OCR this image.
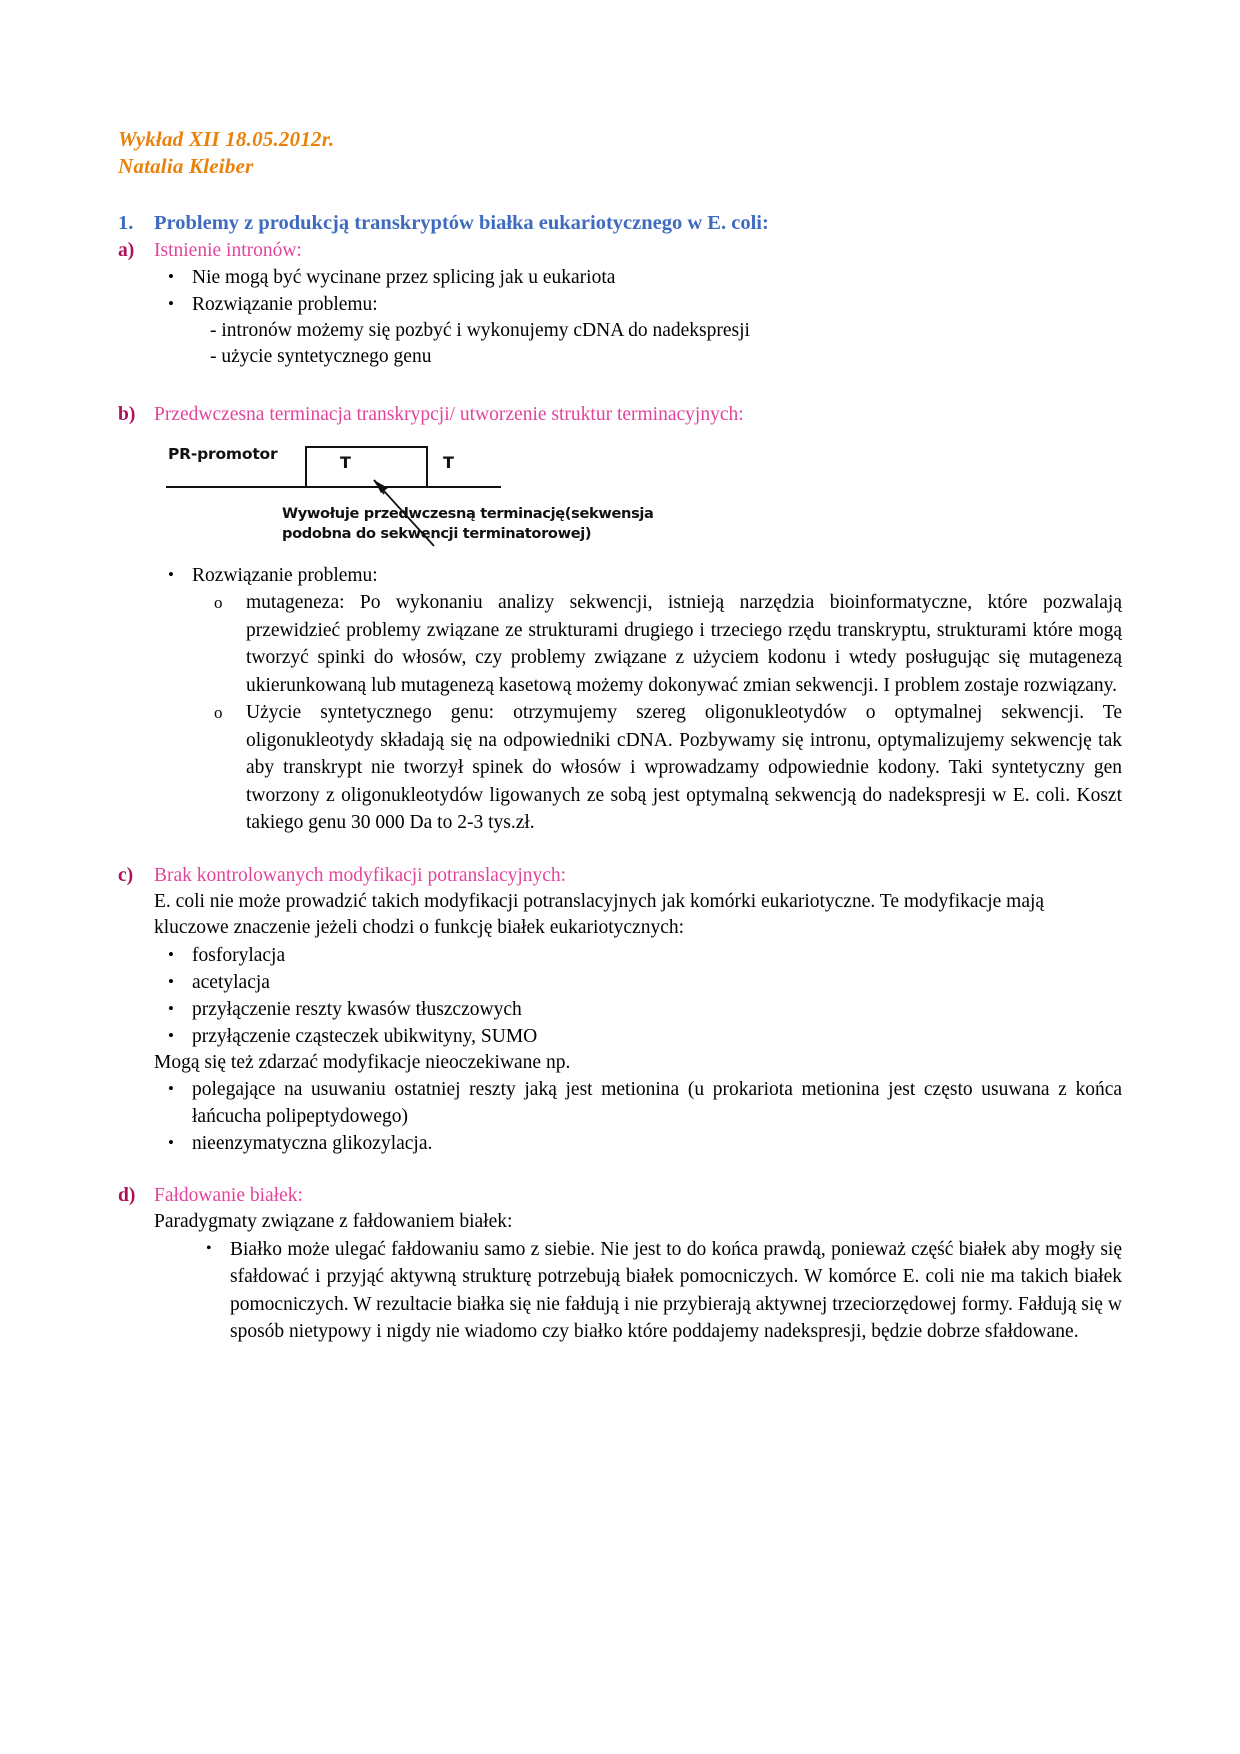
Wykład XII 18.05.2012r.
Natalia Kleiber
1.	Problemy z produkcją transkryptów białka eukariotycznego w E. coli:
a)	Istnienie intronów:
• Nie mogą być wycinane przez splicing jak u eukariota
• Rozwiązanie problemu:
- intronów możemy się pozbyć i wykonujemy cDNA do nadekspresji
- użycie syntetycznego genu
b) Przedwczesna terminacja transkrypcji/ utworzenie struktur terminacyjnych:
PR-promotor	T	T
Wywołuje przedwczesną terminację(sekwensja
podobna do sekwencji terminatorowej)
• Rozwiązanie problemu:
o mutageneza: Po wykonaniu analizy sekwencji, istnieją narzędzia bioinformatyczne, które pozwalają przewidzieć problemy związane ze strukturami drugiego i trzeciego rzędu transkryptu, strukturami które mogą tworzyć spinki do włosów, czy problemy związane z użyciem kodonu i wtedy posługując się mutagenezą ukierunkowaną lub mutagenezą kasetową możemy dokonywać zmian sekwencji. I problem zostaje rozwiązany.
o Użycie syntetycznego genu: otrzymujemy szereg oligonukleotydów o optymalnej sekwencji. Te oligonukleotydy składają się na odpowiedniki cDNA. Pozbywamy się intronu, optymalizujemy sekwencję tak aby transkrypt nie tworzył spinek do włosów i wprowadzamy odpowiednie kodony. Taki syntetyczny gen tworzony z oligonukleotydów ligowanych ze sobą jest optymalną sekwencją do nadekspresji w E. coli. Koszt takiego genu 30 000 Da to 2-3 tys.zł.
c)	Brak kontrolowanych modyfikacji potranslacyjnych:
E. coli nie może prowadzić takich modyfikacji potranslacyjnych jak komórki eukariotyczne. Te modyfikacje mają kluczowe znaczenie jeżeli chodzi o funkcję białek eukariotycznych:
• fosforylacja
• acetylacja
• przyłączenie reszty kwasów tłuszczowych
• przyłączenie cząsteczek ubikwityny, SUMO
Mogą się też zdarzać modyfikacje nieoczekiwane np.
• polegające na usuwaniu ostatniej reszty jaką jest metionina (u prokariota metionina jest często usuwana z końca łańcucha polipeptydowego)
• nieenzymatyczna glikozylacja.
d) Fałdowanie białek:
Paradygmaty związane z fałdowaniem białek:
• Białko może ulegać fałdowaniu samo z siebie. Nie jest to do końca prawdą, ponieważ część białek aby mogły się sfałdować i przyjąć aktywną strukturę potrzebują białek pomocniczych. W komórce E. coli nie ma takich białek pomocniczych. W rezultacie białka się nie fałdują i nie przybierają aktywnej trzeciorzędowej formy. Fałdują się w sposób nietypowy i nigdy nie wiadomo czy białko które poddajemy nadekspresji, będzie dobrze sfałdowane.
